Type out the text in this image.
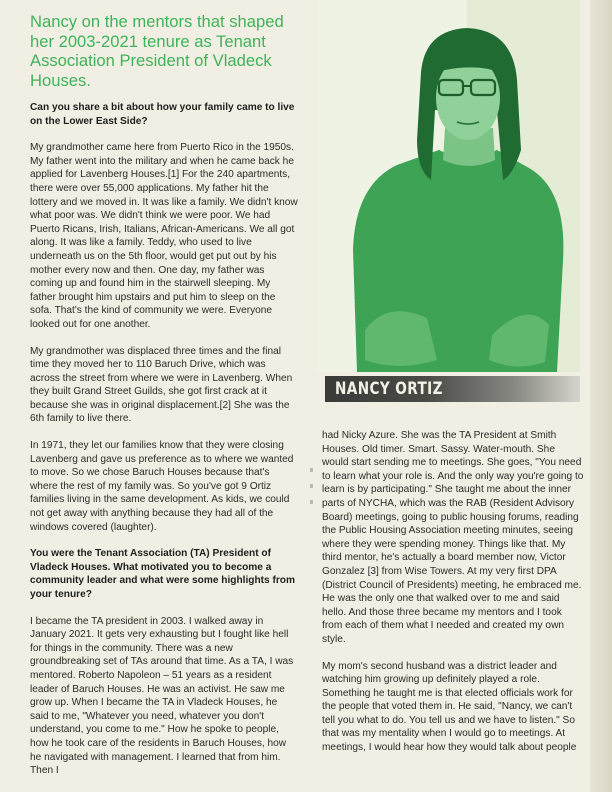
Nancy on the mentors that shaped her 2003-2021 tenure as Tenant Association President of Vladeck Houses.

Can you share a bit about how your family came to live on the Lower East Side?

My grandmother came here from Puerto Rico in the 1950s. My father went into the military and when he came back he applied for Lavenberg Houses.[1] For the 240 apartments, there were over 55,000 applications. My father hit the lottery and we moved in. It was like a family. We didn't know what poor was. We didn't think we were poor. We had Puerto Ricans, Irish, Italians, African-Americans. We all got along. It was like a family. Teddy, who used to live underneath us on the 5th floor, would get put out by his mother every now and then. One day, my father was coming up and found him in the stairwell sleeping. My father brought him upstairs and put him to sleep on the sofa. That's the kind of community we were. Everyone looked out for one another.

My grandmother was displaced three times and the final time they moved her to 110 Baruch Drive, which was across the street from where we were in Lavenberg. When they built Grand Street Guilds, she got first crack at it because she was in original displacement.[2] She was the 6th family to live there.

In 1971, they let our families know that they were closing Lavenberg and gave us preference as to where we wanted to move. So we chose Baruch Houses because that's where the rest of my family was. So you've got 9 Ortiz families living in the same development. As kids, we could not get away with anything because they had all of the windows covered (laughter).

You were the Tenant Association (TA) President of Vladeck Houses. What motivated you to become a community leader and what were some highlights from your tenure?

I became the TA president in 2003. I walked away in January 2021. It gets very exhausting but I fought like hell for things in the community. There was a new groundbreaking set of TAs around that time. As a TA, I was mentored. Roberto Napoleon – 51 years as a resident leader of Baruch Houses. He was an activist. He saw me grow up. When I became the TA in Vladeck Houses, he said to me, "Whatever you need, whatever you don't understand, you come to me." How he spoke to people, how he took care of the residents in Baruch Houses, how he navigated with management. I learned that from him. Then I

NANCY ORTIZ

had Nicky Azure. She was the TA President at Smith Houses. Old timer. Smart. Sassy. Water-mouth. She would start sending me to meetings. She goes, "You need to learn what your role is. And the only way you're going to learn is by participating." She taught me about the inner parts of NYCHA, which was the RAB (Resident Advisory Board) meetings, going to public housing forums, reading the Public Housing Association meeting minutes, seeing where they were spending money. Things like that. My third mentor, he's actually a board member now, Victor Gonzalez [3] from Wise Towers. At my very first DPA (District Council of Presidents) meeting, he embraced me. He was the only one that walked over to me and said hello. And those three became my mentors and I took from each of them what I needed and created my own style.

My mom's second husband was a district leader and watching him growing up definitely played a role. Something he taught me is that elected officials work for the people that voted them in. He said, "Nancy, we can't tell you what to do. You tell us and we have to listen." So that was my mentality when I would go to meetings. At meetings, I would hear how they would talk about people
